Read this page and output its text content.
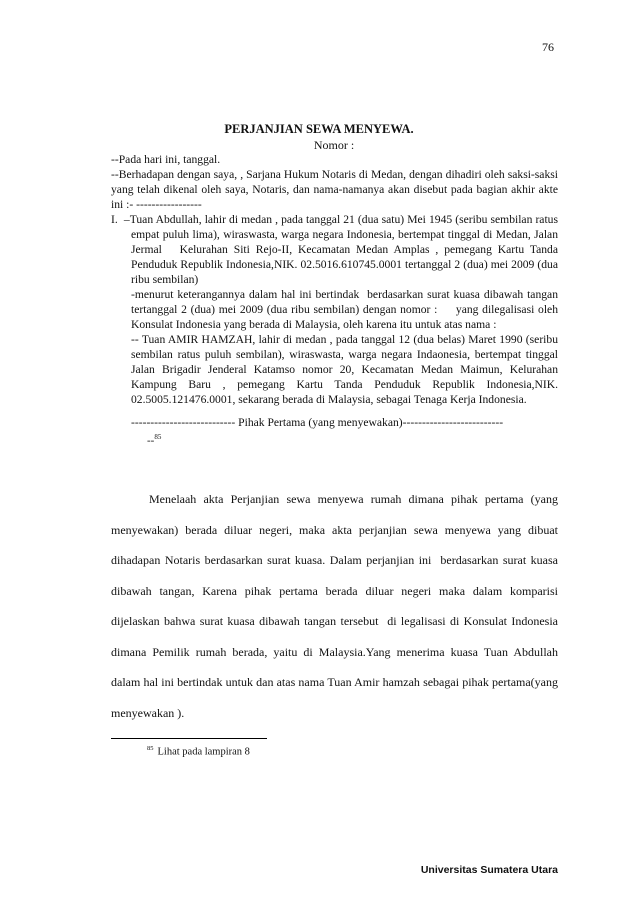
76
PERJANJIAN SEWA MENYEWA.
Nomor :

--Pada hari ini, tanggal.

--Berhadapan dengan saya, , Sarjana Hukum Notaris di Medan, dengan dihadiri oleh saksi-saksi yang telah dikenal oleh saya, Notaris, dan nama-namanya akan disebut pada bagian akhir akte ini :- -----------------

I.  –Tuan Abdullah, lahir di medan , pada tanggal 21 (dua satu) Mei 1945 (seribu sembilan ratus empat puluh lima), wiraswasta, warga negara Indonesia, bertempat tinggal di Medan, Jalan Jermal   Kelurahan Siti Rejo-II, Kecamatan Medan Amplas , pemegang Kartu Tanda Penduduk Republik Indonesia,NIK. 02.5016.610745.0001 tertanggal 2 (dua) mei 2009 (dua ribu sembilan)

-menurut keterangannya dalam hal ini bertindak  berdasarkan surat kuasa dibawah tangan tertanggal 2 (dua) mei 2009 (dua ribu sembilan) dengan nomor :     yang dilegalisasi oleh Konsulat Indonesia yang berada di Malaysia, oleh karena itu untuk atas nama :

-- Tuan AMIR HAMZAH, lahir di medan , pada tanggal 12 (dua belas) Maret 1990 (seribu sembilan ratus puluh sembilan), wiraswasta, warga negara Indaonesia, bertempat tinggal Jalan Brigadir Jenderal Katamso nomor 20, Kecamatan Medan Maimun, Kelurahan Kampung Baru , pemegang Kartu Tanda Penduduk Republik Indonesia,NIK. 02.5005.121476.0001, sekarang berada di Malaysia, sebagai Tenaga Kerja Indonesia.

--------------------------- Pihak Pertama (yang menyewakan)--------------------------
--$^{85}$

Menelaah akta Perjanjian sewa menyewa rumah dimana pihak pertama (yang menyewakan) berada diluar negeri, maka akta perjanjian sewa menyewa yang dibuat dihadapan Notaris berdasarkan surat kuasa. Dalam perjanjian ini  berdasarkan surat kuasa dibawah tangan, Karena pihak pertama berada diluar negeri maka dalam komparisi dijelaskan bahwa surat kuasa dibawah tangan tersebut  di legalisasi di Konsulat Indonesia dimana Pemilik rumah berada, yaitu di Malaysia.Yang menerima kuasa Tuan Abdullah dalam hal ini bertindak untuk dan atas nama Tuan Amir hamzah sebagai pihak pertama(yang menyewakan ).

$^{85}$ Lihat pada lampiran 8
Universitas Sumatera Utara
